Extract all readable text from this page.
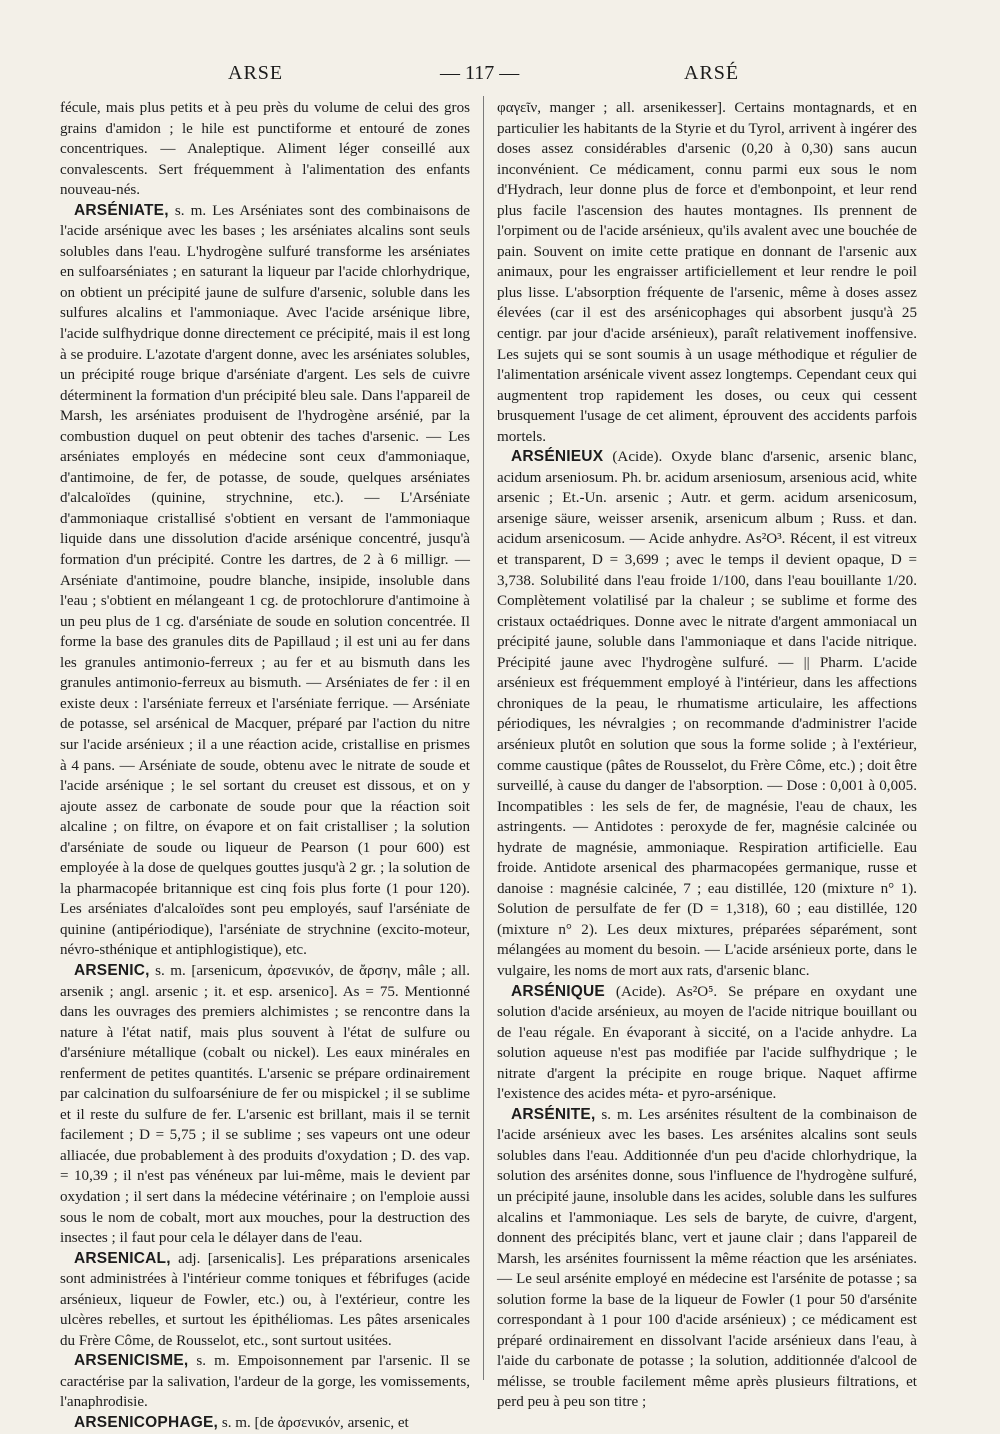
ARSE	— 117 —	ARSÉ

fécule, mais plus petits et à peu près du volume de celui des gros grains d'amidon ; le hile est punctiforme et entouré de zones concentriques. — Analeptique. Aliment léger conseillé aux convalescents. Sert fréquemment à l'alimentation des enfants nouveau-nés.

ARSÉNIATE, s. m. Les Arséniates sont des combinaisons de l'acide arsénique avec les bases ; les arséniates alcalins sont seuls solubles dans l'eau. L'hydrogène sulfuré transforme les arséniates en sulfoarséniates ; en saturant la liqueur par l'acide chlorhydrique, on obtient un précipité jaune de sulfure d'arsenic, soluble dans les sulfures alcalins et l'ammoniaque. Avec l'acide arsénique libre, l'acide sulfhydrique donne directement ce précipité, mais il est long à se produire. L'azotate d'argent donne, avec les arséniates solubles, un précipité rouge brique d'arséniate d'argent. Les sels de cuivre déterminent la formation d'un précipité bleu sale. Dans l'appareil de Marsh, les arséniates produisent de l'hydrogène arsénié, par la combustion duquel on peut obtenir des taches d'arsenic. — Les arséniates employés en médecine sont ceux d'ammoniaque, d'antimoine, de fer, de potasse, de soude, quelques arséniates d'alcaloïdes (quinine, strychnine, etc.). — L'Arséniate d'ammoniaque cristallisé s'obtient en versant de l'ammoniaque liquide dans une dissolution d'acide arsénique concentré, jusqu'à formation d'un précipité. Contre les dartres, de 2 à 6 milligr. — Arséniate d'antimoine, poudre blanche, insipide, insoluble dans l'eau ; s'obtient en mélangeant 1 cg. de protochlorure d'antimoine à un peu plus de 1 cg. d'arséniate de soude en solution concentrée. Il forme la base des granules dits de Papillaud ; il est uni au fer dans les granules antimonio-ferreux ; au fer et au bismuth dans les granules antimonio-ferreux au bismuth. — Arséniates de fer : il en existe deux : l'arséniate ferreux et l'arséniate ferrique. — Arséniate de potasse, sel arsénical de Macquer, préparé par l'action du nitre sur l'acide arsénieux ; il a une réaction acide, cristallise en prismes à 4 pans. — Arséniate de soude, obtenu avec le nitrate de soude et l'acide arsénique ; le sel sortant du creuset est dissous, et on y ajoute assez de carbonate de soude pour que la réaction soit alcaline ; on filtre, on évapore et on fait cristalliser ; la solution d'arséniate de soude ou liqueur de Pearson (1 pour 600) est employée à la dose de quelques gouttes jusqu'à 2 gr. ; la solution de la pharmacopée britannique est cinq fois plus forte (1 pour 120). Les arséniates d'alcaloïdes sont peu employés, sauf l'arséniate de quinine (antipériodique), l'arséniate de strychnine (excito-moteur, névro-sthénique et antiphlogistique), etc.

ARSENIC, s. m. [arsenicum, ἀρσενικόν, de ἄρσην, mâle ; all. arsenik ; angl. arsenic ; it. et esp. arsenico]. As = 75. Mentionné dans les ouvrages des premiers alchimistes ; se rencontre dans la nature à l'état natif, mais plus souvent à l'état de sulfure ou d'arséniure métallique (cobalt ou nickel). Les eaux minérales en renferment de petites quantités. L'arsenic se prépare ordinairement par calcination du sulfoarséniure de fer ou mispickel ; il se sublime et il reste du sulfure de fer. L'arsenic est brillant, mais il se ternit facilement ; D = 5,75 ; il se sublime ; ses vapeurs ont une odeur alliacée, due probablement à des produits d'oxydation ; D. des vap. = 10,39 ; il n'est pas vénéneux par lui-même, mais le devient par oxydation ; il sert dans la médecine vétérinaire ; on l'emploie aussi sous le nom de cobalt, mort aux mouches, pour la destruction des insectes ; il faut pour cela le délayer dans de l'eau.

ARSENICAL, adj. [arsenicalis]. Les préparations arsenicales sont administrées à l'intérieur comme toniques et fébrifuges (acide arsénieux, liqueur de Fowler, etc.) ou, à l'extérieur, contre les ulcères rebelles, et surtout les épithéliomas. Les pâtes arsenicales du Frère Côme, de Rousselot, etc., sont surtout usitées.

ARSENICISME, s. m. Empoisonnement par l'arsenic. Il se caractérise par la salivation, l'ardeur de la gorge, les vomissements, l'anaphrodisie.

ARSENICOPHAGE, s. m. [de ἀρσενικόν, arsenic, et

φαγεῖν, manger ; all. arsenikesser]. Certains montagnards, et en particulier les habitants de la Styrie et du Tyrol, arrivent à ingérer des doses assez considérables d'arsenic (0,20 à 0,30) sans aucun inconvénient. Ce médicament, connu parmi eux sous le nom d'Hydrach, leur donne plus de force et d'embonpoint, et leur rend plus facile l'ascension des hautes montagnes. Ils prennent de l'orpiment ou de l'acide arsénieux, qu'ils avalent avec une bouchée de pain. Souvent on imite cette pratique en donnant de l'arsenic aux animaux, pour les engraisser artificiellement et leur rendre le poil plus lisse. L'absorption fréquente de l'arsenic, même à doses assez élevées (car il est des arsénicophages qui absorbent jusqu'à 25 centigr. par jour d'acide arsénieux), paraît relativement inoffensive. Les sujets qui se sont soumis à un usage méthodique et régulier de l'alimentation arsénicale vivent assez longtemps. Cependant ceux qui augmentent trop rapidement les doses, ou ceux qui cessent brusquement l'usage de cet aliment, éprouvent des accidents parfois mortels.

ARSÉNIEUX (Acide). Oxyde blanc d'arsenic, arsenic blanc, acidum arseniosum. Ph. br. acidum arseniosum, arsenious acid, white arsenic ; Et.-Un. arsenic ; Autr. et germ. acidum arsenicosum, arsenige säure, weisser arsenik, arsenicum album ; Russ. et dan. acidum arsenicosum. — Acide anhydre. As²O³. Récent, il est vitreux et transparent, D = 3,699 ; avec le temps il devient opaque, D = 3,738. Solubilité dans l'eau froide 1/100, dans l'eau bouillante 1/20. Complètement volatilisé par la chaleur ; se sublime et forme des cristaux octaédriques. Donne avec le nitrate d'argent ammoniacal un précipité jaune, soluble dans l'ammoniaque et dans l'acide nitrique. Précipité jaune avec l'hydrogène sulfuré. — || Pharm. L'acide arsénieux est fréquemment employé à l'intérieur, dans les affections chroniques de la peau, le rhumatisme articulaire, les affections périodiques, les névralgies ; on recommande d'administrer l'acide arsénieux plutôt en solution que sous la forme solide ; à l'extérieur, comme caustique (pâtes de Rousselot, du Frère Côme, etc.) ; doit être surveillé, à cause du danger de l'absorption. — Dose : 0,001 à 0,005. Incompatibles : les sels de fer, de magnésie, l'eau de chaux, les astringents. — Antidotes : peroxyde de fer, magnésie calcinée ou hydrate de magnésie, ammoniaque. Respiration artificielle. Eau froide. Antidote arsenical des pharmacopées germanique, russe et danoise : magnésie calcinée, 7 ; eau distillée, 120 (mixture n° 1). Solution de persulfate de fer (D = 1,318), 60 ; eau distillée, 120 (mixture n° 2). Les deux mixtures, préparées séparément, sont mélangées au moment du besoin. — L'acide arsénieux porte, dans le vulgaire, les noms de mort aux rats, d'arsenic blanc.

ARSÉNIQUE (Acide). As²O⁵. Se prépare en oxydant une solution d'acide arsénieux, au moyen de l'acide nitrique bouillant ou de l'eau régale. En évaporant à siccité, on a l'acide anhydre. La solution aqueuse n'est pas modifiée par l'acide sulfhydrique ; le nitrate d'argent la précipite en rouge brique. Naquet affirme l'existence des acides méta- et pyro-arsénique.

ARSÉNITE, s. m. Les arsénites résultent de la combinaison de l'acide arsénieux avec les bases. Les arsénites alcalins sont seuls solubles dans l'eau. Additionnée d'un peu d'acide chlorhydrique, la solution des arsénites donne, sous l'influence de l'hydrogène sulfuré, un précipité jaune, insoluble dans les acides, soluble dans les sulfures alcalins et l'ammoniaque. Les sels de baryte, de cuivre, d'argent, donnent des précipités blanc, vert et jaune clair ; dans l'appareil de Marsh, les arsénites fournissent la même réaction que les arséniates. — Le seul arsénite employé en médecine est l'arsénite de potasse ; sa solution forme la base de la liqueur de Fowler (1 pour 50 d'arsénite correspondant à 1 pour 100 d'acide arsénieux) ; ce médicament est préparé ordinairement en dissolvant l'acide arsénieux dans l'eau, à l'aide du carbonate de potasse ; la solution, additionnée d'alcool de mélisse, se trouble facilement même après plusieurs filtrations, et perd peu à peu son titre ;
